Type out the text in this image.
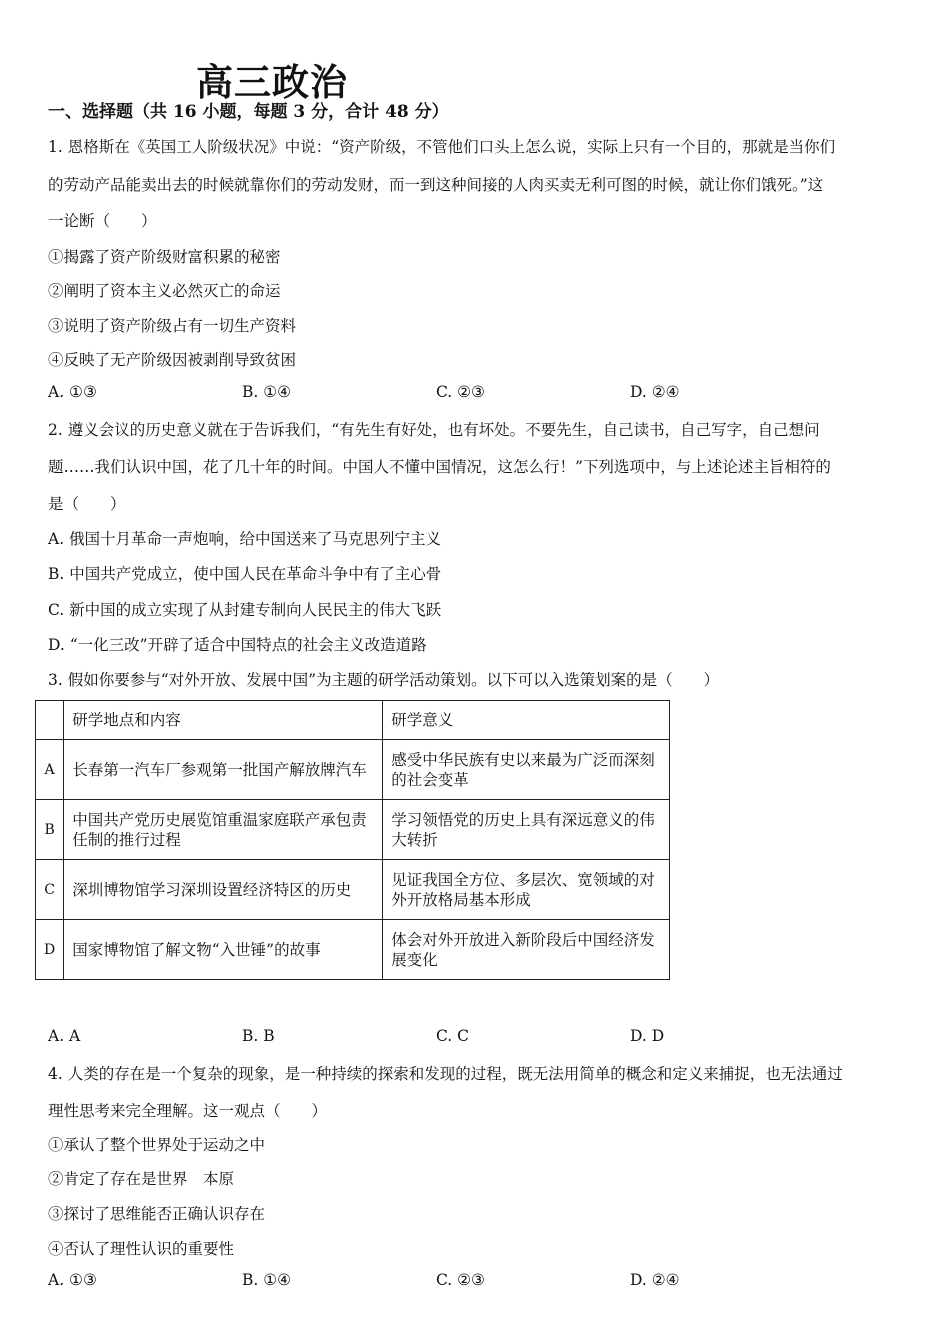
高三政治
一、选择题（共 16 小题，每题 3 分，合计 48 分）
1. 恩格斯在《英国工人阶级状况》中说：“资产阶级，不管他们口头上怎么说，实际上只有一个目的，那就是当你们
的劳动产品能卖出去的时候就靠你们的劳动发财，而一到这种间接的人肉买卖无利可图的时候，就让你们饿死。”这
一论断（　　）
①揭露了资产阶级财富积累的秘密
②阐明了资本主义必然灭亡的命运
③说明了资产阶级占有一切生产资料
④反映了无产阶级因被剥削导致贫困
A. ①③	B. ①④	C. ②③	D. ②④
2. 遵义会议的历史意义就在于告诉我们，“有先生有好处，也有坏处。不要先生，自己读书，自己写字，自己想问
题……我们认识中国，花了几十年的时间。中国人不懂中国情况，这怎么行！”下列选项中，与上述论述主旨相符的
是（　　）
A. 俄国十月革命一声炮响，给中国送来了马克思列宁主义
B. 中国共产党成立，使中国人民在革命斗争中有了主心骨
C. 新中国的成立实现了从封建专制向人民民主的伟大飞跃
D. “一化三改”开辟了适合中国特点的社会主义改造道路
3. 假如你要参与“对外开放、发展中国”为主题的研学活动策划。以下可以入选策划案的是（　　）
	研学地点和内容	研学意义
A	长春第一汽车厂参观第一批国产解放牌汽车	感受中华民族有史以来最为广泛而深刻的社会变革
B	中国共产党历史展览馆重温家庭联产承包责任制的推行过程	学习领悟党的历史上具有深远意义的伟大转折
C	深圳博物馆学习深圳设置经济特区的历史	见证我国全方位、多层次、宽领域的对外开放格局基本形成
D	国家博物馆了解文物“入世锤”的故事	体会对外开放进入新阶段后中国经济发展变化
A. A	B. B	C. C	D. D
4. 人类的存在是一个复杂的现象，是一种持续的探索和发现的过程，既无法用简单的概念和定义来捕捉，也无法通过
理性思考来完全理解。这一观点（　　）
①承认了整个世界处于运动之中
②肯定了存在是世界　本原
③探讨了思维能否正确认识存在
④否认了理性认识的重要性
A. ①③	B. ①④	C. ②③	D. ②④
